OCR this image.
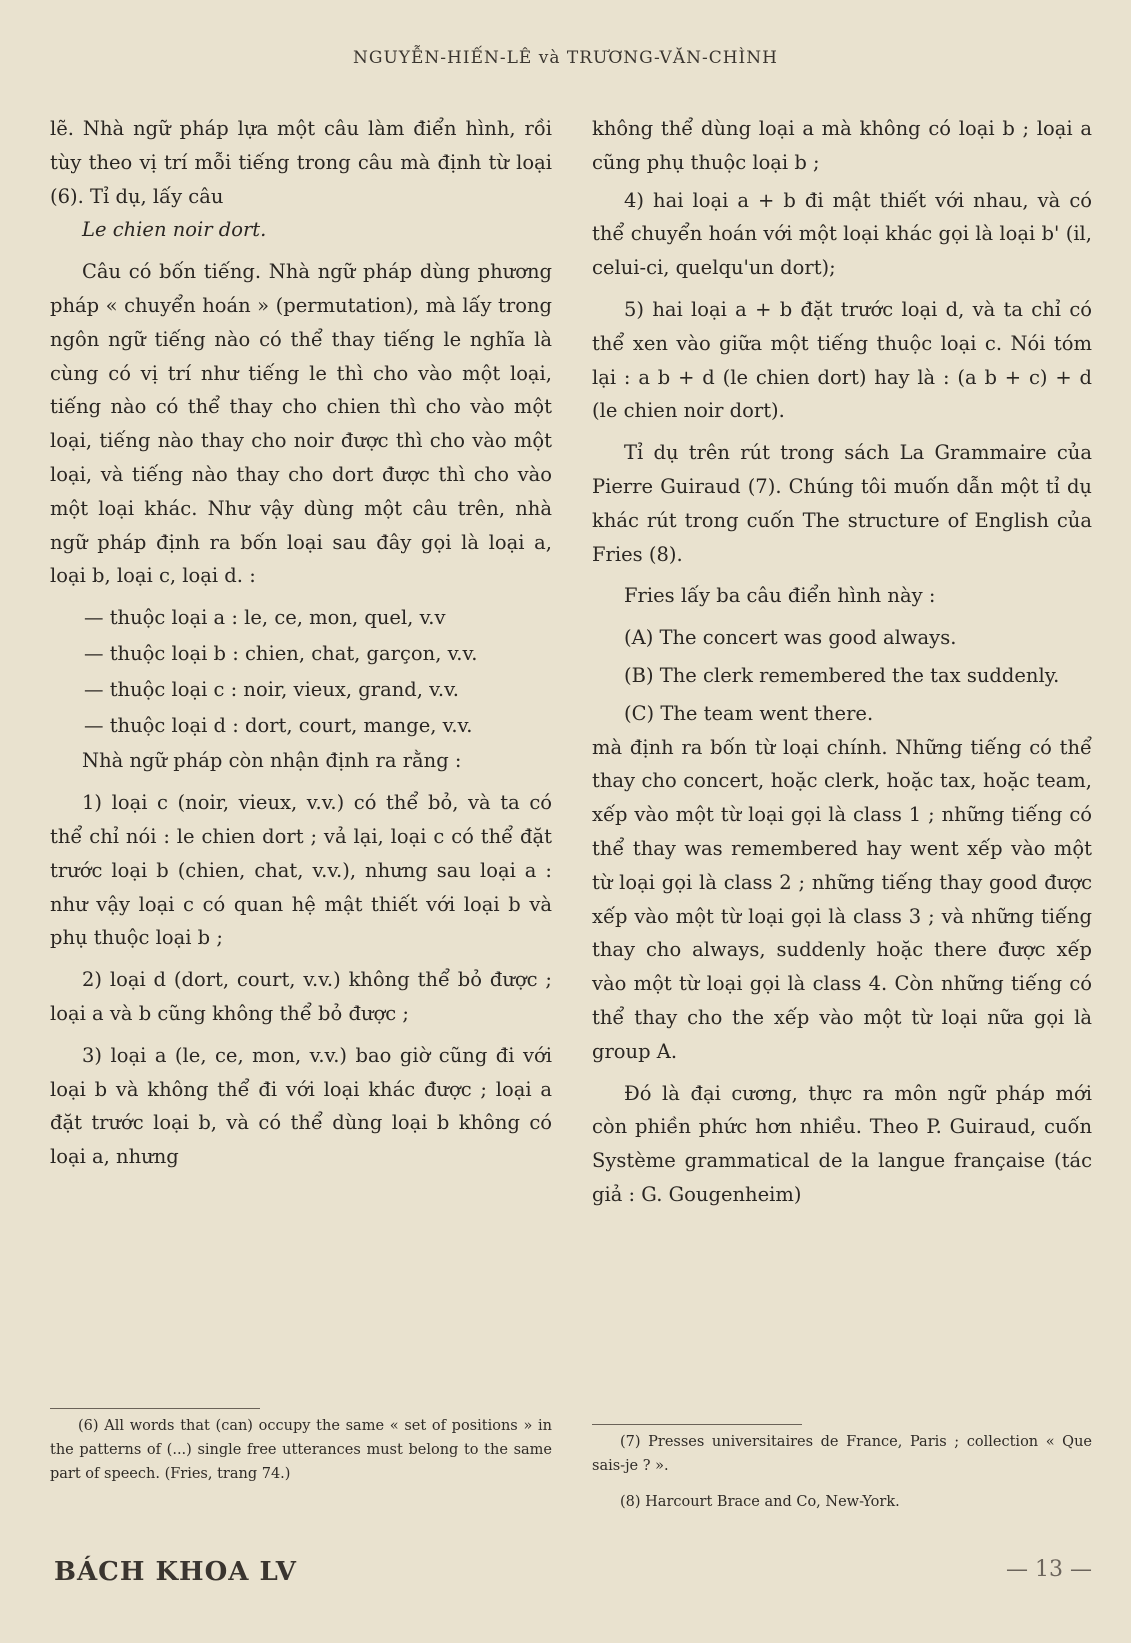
NGUYỄN-HIẾN-LÊ và TRƯƠNG-VĂN-CHÌNH

lẽ. Nhà ngữ pháp lựa một câu làm điển hình, rồi tùy theo vị trí mỗi tiếng trong câu mà định từ loại (6). Tỉ dụ, lấy câu

Le chien noir dort.

Câu có bốn tiếng. Nhà ngữ pháp dùng phương pháp « chuyển hoán » (permutation), mà lấy trong ngôn ngữ tiếng nào có thể thay tiếng le nghĩa là cùng có vị trí như tiếng le thì cho vào một loại, tiếng nào có thể thay cho chien thì cho vào một loại, tiếng nào thay cho noir được thì cho vào một loại, và tiếng nào thay cho dort được thì cho vào một loại khác. Như vậy dùng một câu trên, nhà ngữ pháp định ra bốn loại sau đây gọi là loại a, loại b, loại c, loại d. :

— thuộc loại a : le, ce, mon, quel, v.v

— thuộc loại b : chien, chat, garçon, v.v.

— thuộc loại c : noir, vieux, grand, v.v.

— thuộc loại d : dort, court, mange, v.v.

Nhà ngữ pháp còn nhận định ra rằng :

1) loại c (noir, vieux, v.v.) có thể bỏ, và ta có thể chỉ nói : le chien dort ; vả lại, loại c có thể đặt trước loại b (chien, chat, v.v.), nhưng sau loại a : như vậy loại c có quan hệ mật thiết với loại b và phụ thuộc loại b ;

2) loại d (dort, court, v.v.) không thể bỏ được ; loại a và b cũng không thể bỏ được ;

3) loại a (le, ce, mon, v.v.) bao giờ cũng đi với loại b và không thể đi với loại khác được ; loại a đặt trước loại b, và có thể dùng loại b không có loại a, nhưng

không thể dùng loại a mà không có loại b ; loại a cũng phụ thuộc loại b ;

4) hai loại a + b đi mật thiết với nhau, và có thể chuyển hoán với một loại khác gọi là loại b' (il, celui-ci, quelqu'un dort);

5) hai loại a + b đặt trước loại d, và ta chỉ có thể xen vào giữa một tiếng thuộc loại c. Nói tóm lại : a b + d (le chien dort) hay là : (a b + c) + d (le chien noir dort).

Tỉ dụ trên rút trong sách La Grammaire của Pierre Guiraud (7). Chúng tôi muốn dẫn một tỉ dụ khác rút trong cuốn The structure of English của Fries (8).

Fries lấy ba câu điển hình này :

(A) The concert was good always.

(B) The clerk remembered the tax suddenly.

(C) The team went there.

mà định ra bốn từ loại chính. Những tiếng có thể thay cho concert, hoặc clerk, hoặc tax, hoặc team, xếp vào một từ loại gọi là class 1 ; những tiếng có thể thay was remembered hay went xếp vào một từ loại gọi là class 2 ; những tiếng thay good được xếp vào một từ loại gọi là class 3 ; và những tiếng thay cho always, suddenly hoặc there được xếp vào một từ loại gọi là class 4. Còn những tiếng có thể thay cho the xếp vào một từ loại nữa gọi là group A.

Đó là đại cương, thực ra môn ngữ pháp mới còn phiền phức hơn nhiều. Theo P. Guiraud, cuốn Système grammatical de la langue française (tác giả : G. Gougenheim)

(6) All words that (can) occupy the same « set of positions » in the patterns of (...) single free utterances must belong to the same part of speech. (Fries, trang 74.)
(7) Presses universitaires de France, Paris ; collection « Que sais-je ? ».
(8) Harcourt Brace and Co, New-York.
BÁCH KHOA LV	— 13 —
